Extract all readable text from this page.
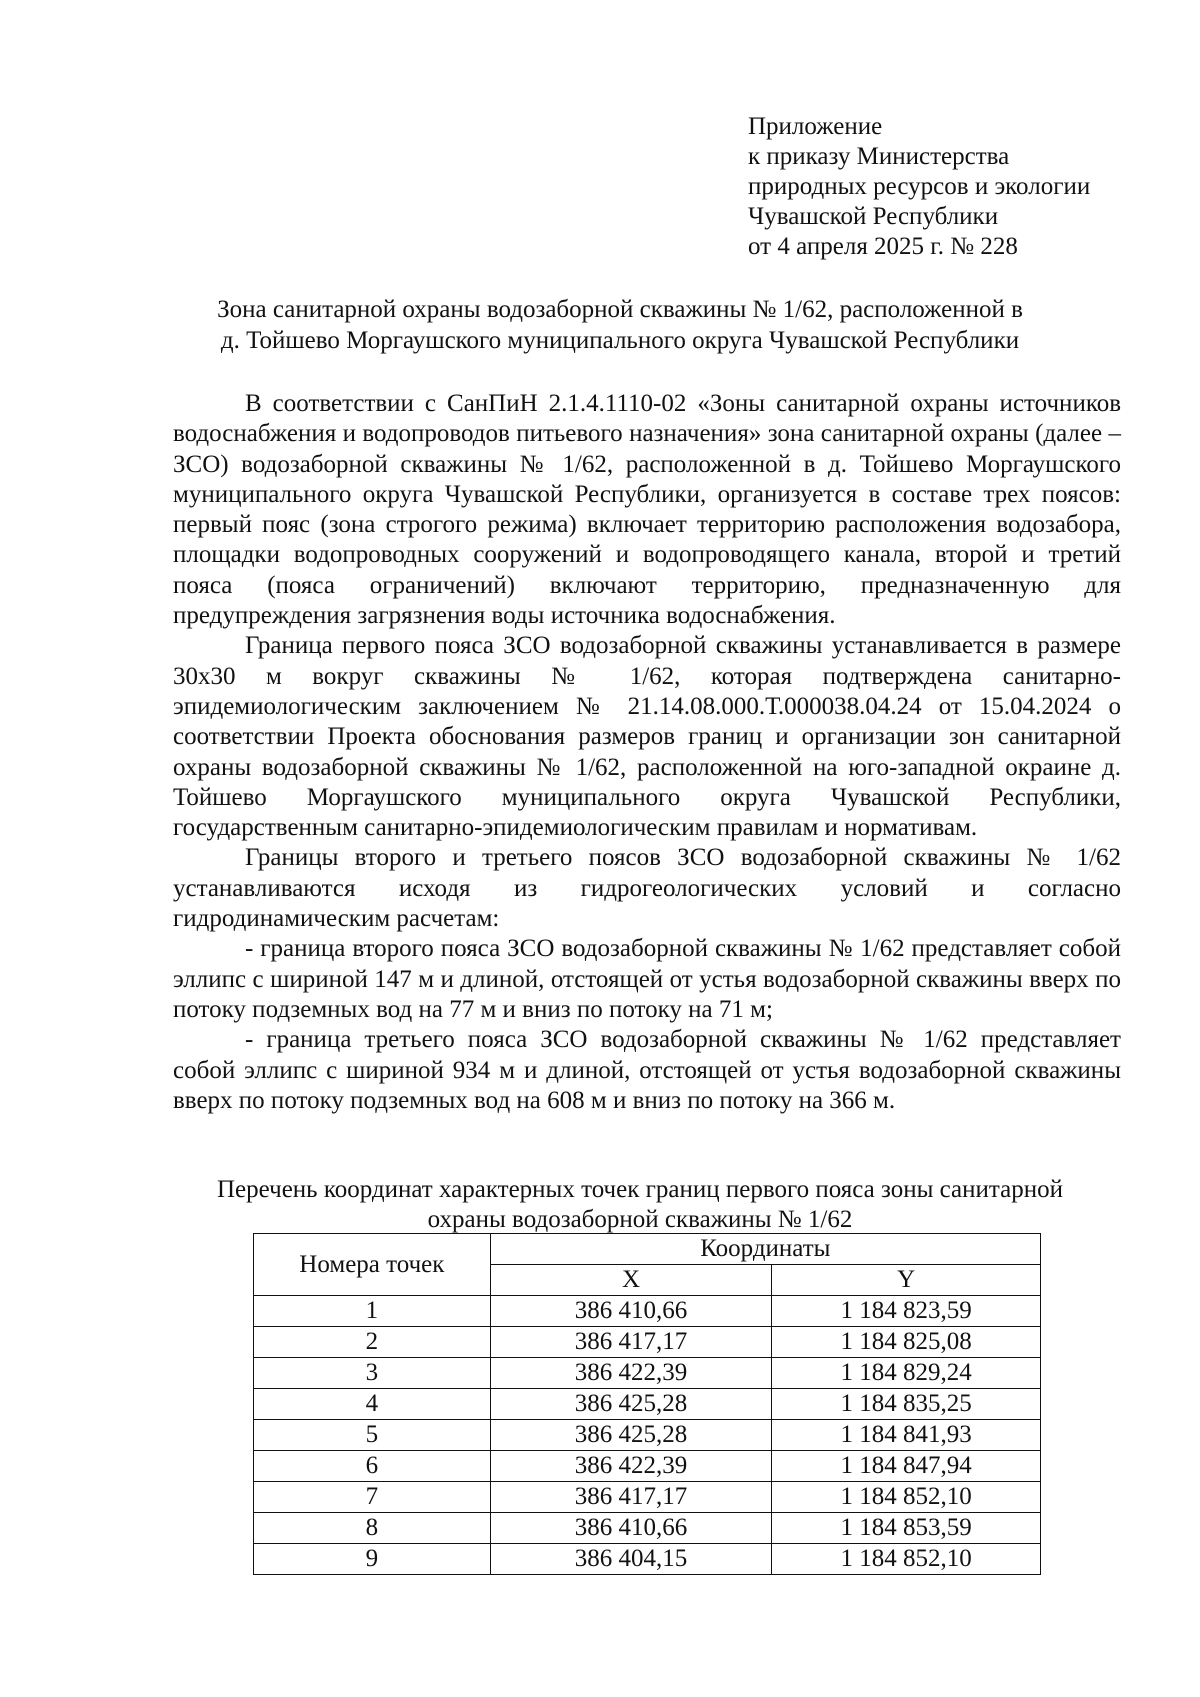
Приложение
к приказу Министерства
природных ресурсов и экологии
Чувашской Республики
от 4 апреля 2025 г. № 228
Зона санитарной охраны водозаборной скважины № 1/62, расположенной в
д. Тойшево Моргаушского муниципального округа Чувашской Республики

В соответствии с СанПиН 2.1.4.1110-02 «Зоны санитарной охраны источников водоснабжения и водопроводов питьевого назначения» зона санитарной охраны (далее – ЗСО) водозаборной скважины № 1/62, расположенной в д. Тойшево Моргаушского муниципального округа Чувашской Республики, организуется в составе трех поясов: первый пояс (зона строгого режима) включает территорию расположения водозабора, площадки водопроводных сооружений и водопроводящего канала, второй и третий пояса (пояса ограничений) включают территорию, предназначенную для предупреждения загрязнения воды источника водоснабжения.

Граница первого пояса ЗСО водозаборной скважины устанавливается в размере 30х30 м вокруг скважины № 1/62, которая подтверждена санитарно-эпидемиологическим заключением № 21.14.08.000.Т.000038.04.24 от 15.04.2024 о соответствии Проекта обоснования размеров границ и организации зон санитарной охраны водозаборной скважины № 1/62, расположенной на юго-западной окраине д. Тойшево Моргаушского муниципального округа Чувашской Республики, государственным санитарно-эпидемиологическим правилам и нормативам.

Границы второго и третьего поясов ЗСО водозаборной скважины № 1/62 устанавливаются исходя из гидрогеологических условий и согласно гидродинамическим расчетам:

- граница второго пояса ЗСО водозаборной скважины № 1/62 представляет собой эллипс с шириной 147 м и длиной, отстоящей от устья водозаборной скважины вверх по потоку подземных вод на 77 м и вниз по потоку на 71 м;

- граница третьего пояса ЗСО водозаборной скважины № 1/62 представляет собой эллипс с шириной 934 м и длиной, отстоящей от устья водозаборной скважины вверх по потоку подземных вод на 608 м и вниз по потоку на 366 м.

Перечень координат характерных точек границ первого пояса зоны санитарной
охраны водозаборной скважины № 1/62
Номера точек	Координаты	
	X	Y
1	386 410,66	1 184 823,59
2	386 417,17	1 184 825,08
3	386 422,39	1 184 829,24
4	386 425,28	1 184 835,25
5	386 425,28	1 184 841,93
6	386 422,39	1 184 847,94
7	386 417,17	1 184 852,10
8	386 410,66	1 184 853,59
9	386 404,15	1 184 852,10
